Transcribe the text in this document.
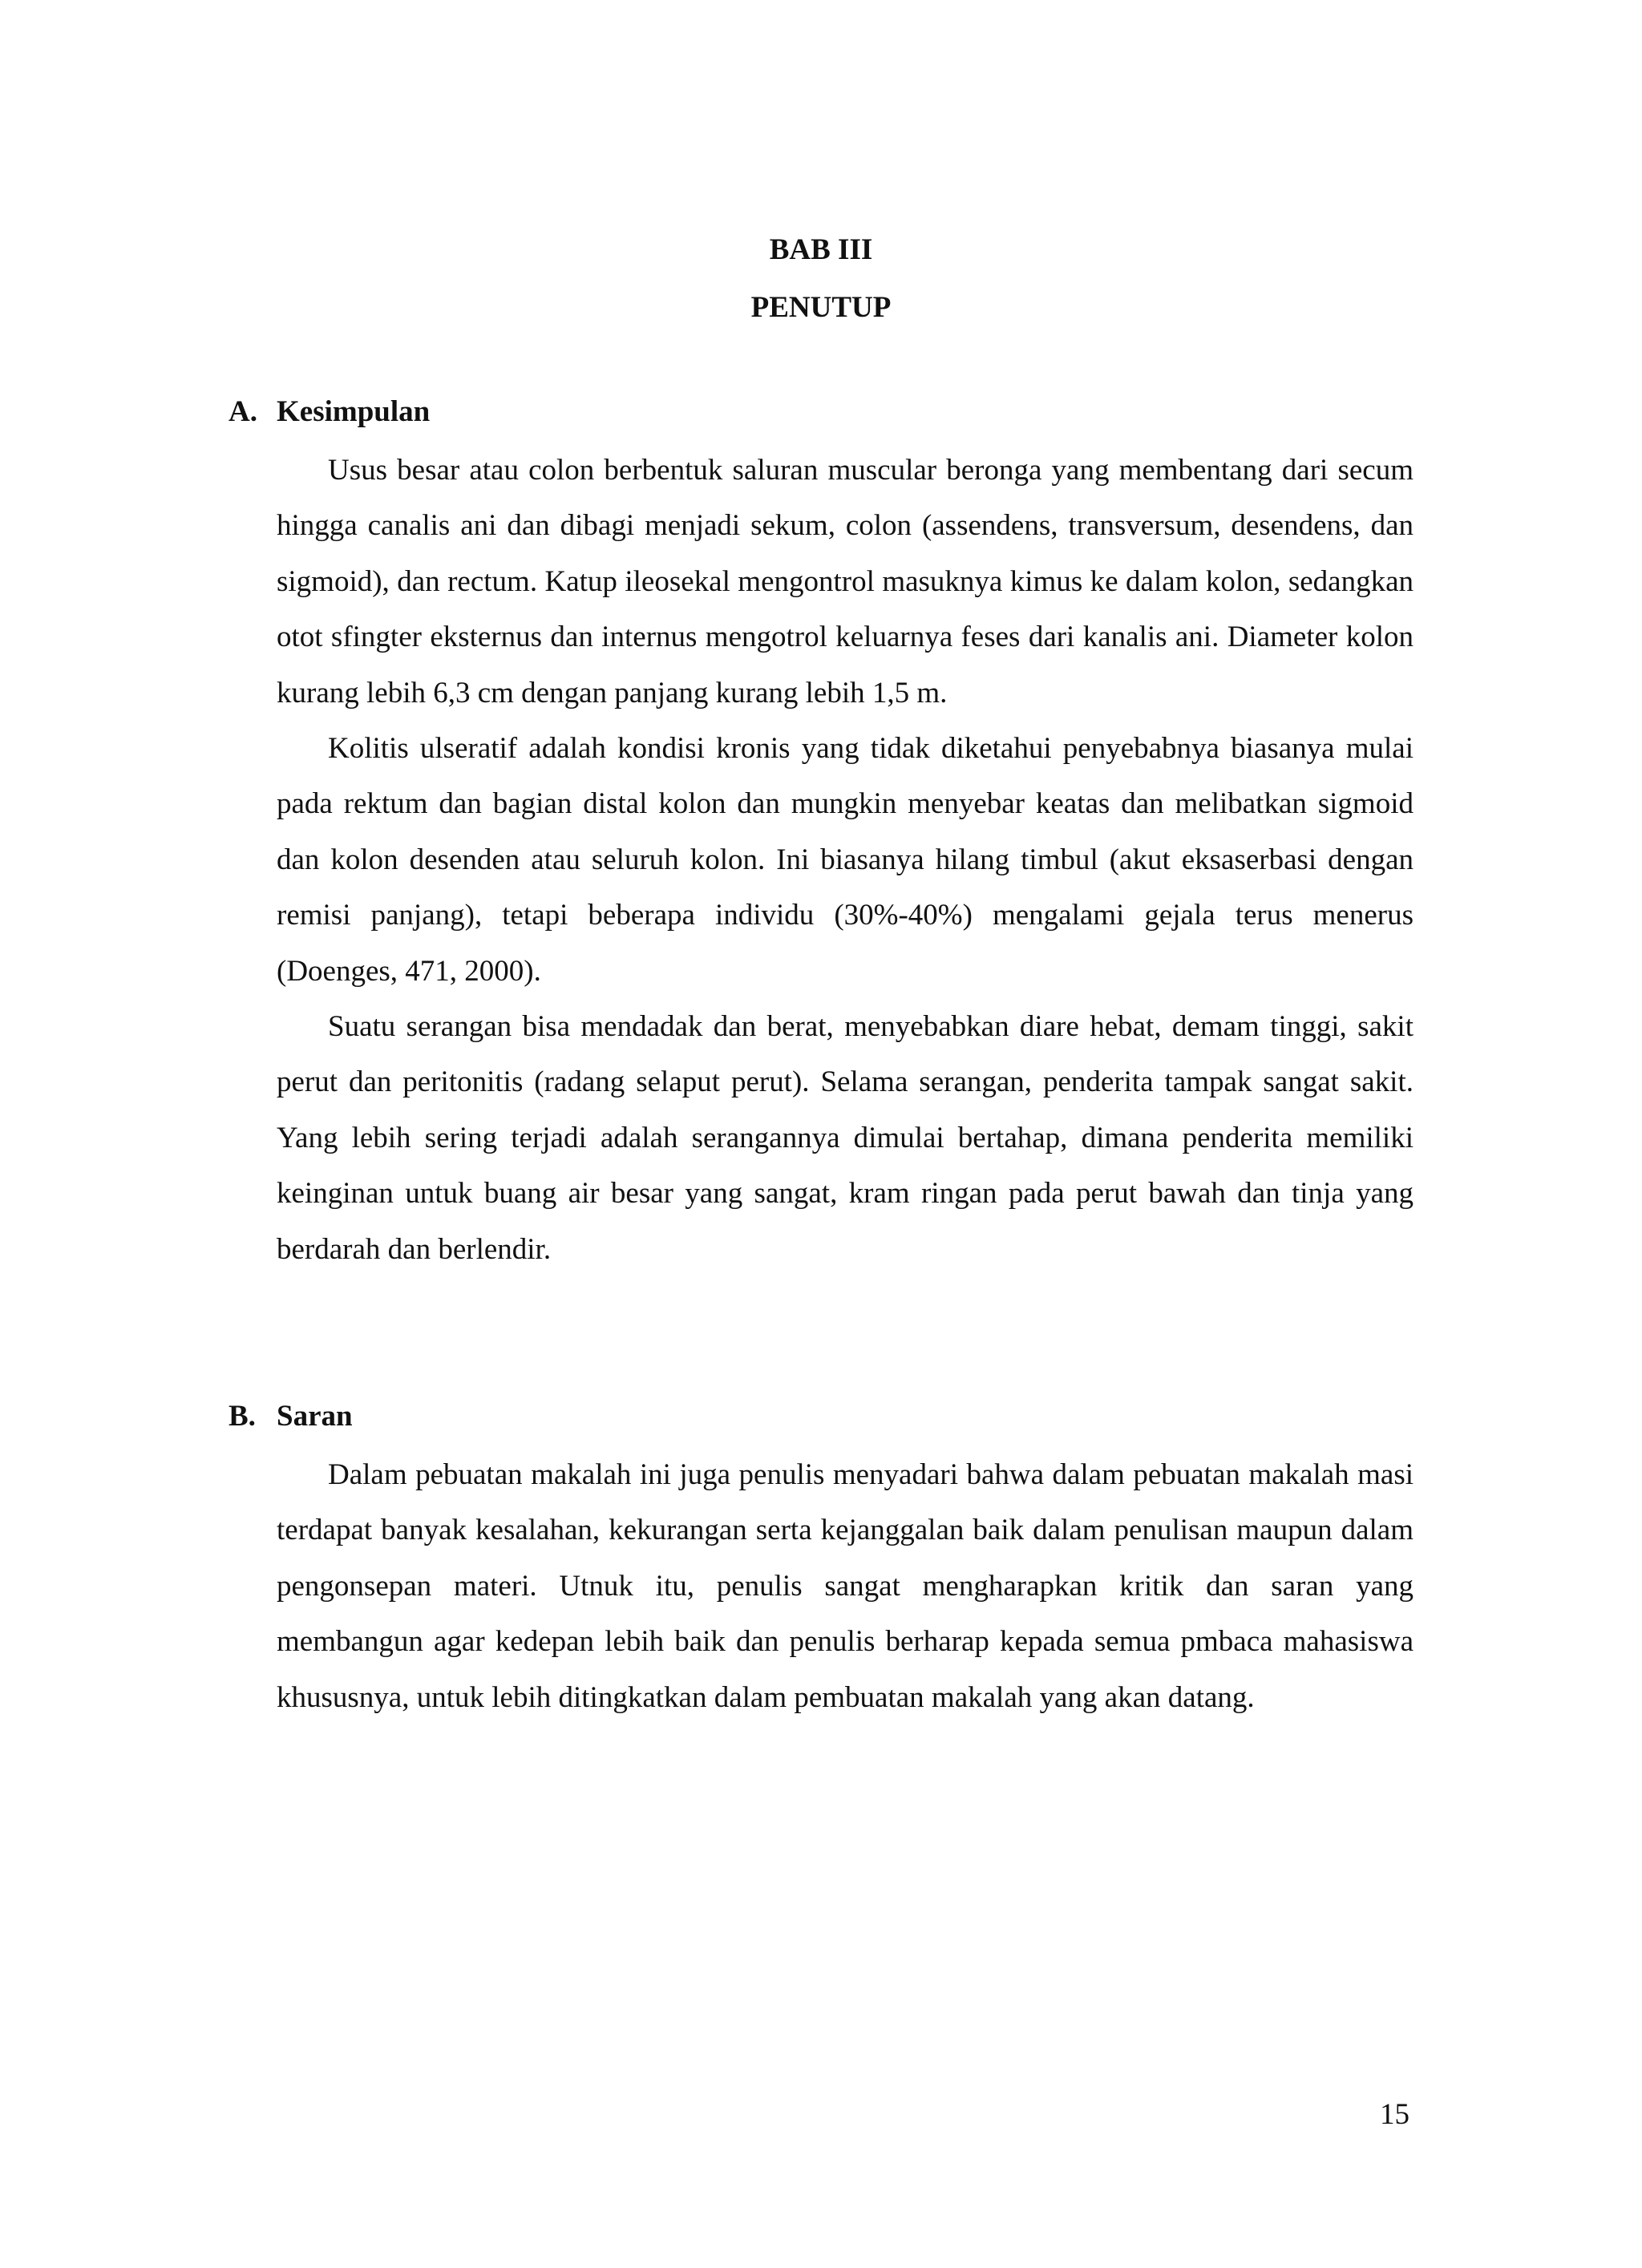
BAB III
PENUTUP
A. Kesimpulan

Usus besar atau colon berbentuk saluran muscular beronga yang membentang dari secum hingga canalis ani dan dibagi menjadi sekum, colon (assendens, transversum, desendens, dan sigmoid), dan rectum. Katup ileosekal mengontrol masuknya kimus ke dalam kolon, sedangkan otot sfingter eksternus dan internus mengotrol keluarnya feses dari kanalis ani. Diameter kolon kurang lebih 6,3 cm dengan panjang kurang lebih 1,5 m.

Kolitis ulseratif adalah kondisi kronis yang tidak diketahui penyebabnya biasanya mulai pada rektum dan bagian distal kolon dan mungkin menyebar keatas dan melibatkan sigmoid dan kolon desenden atau seluruh kolon. Ini biasanya hilang timbul (akut eksaserbasi dengan remisi panjang), tetapi beberapa individu (30%-40%) mengalami gejala terus menerus (Doenges, 471, 2000).

Suatu serangan bisa mendadak dan berat, menyebabkan diare hebat, demam tinggi, sakit perut dan peritonitis (radang selaput perut). Selama serangan, penderita tampak sangat sakit. Yang lebih sering terjadi adalah serangannya dimulai bertahap, dimana penderita memiliki keinginan untuk buang air besar yang sangat, kram ringan pada perut bawah dan tinja yang berdarah dan berlendir.

B. Saran

Dalam pebuatan makalah ini juga penulis menyadari bahwa dalam pebuatan makalah masi terdapat banyak kesalahan, kekurangan serta kejanggalan baik dalam penulisan maupun dalam pengonsepan materi. Utnuk itu, penulis sangat mengharapkan kritik dan saran yang membangun agar kedepan lebih baik dan penulis berharap kepada semua pmbaca mahasiswa khususnya, untuk lebih ditingkatkan dalam pembuatan makalah yang akan datang.

15
